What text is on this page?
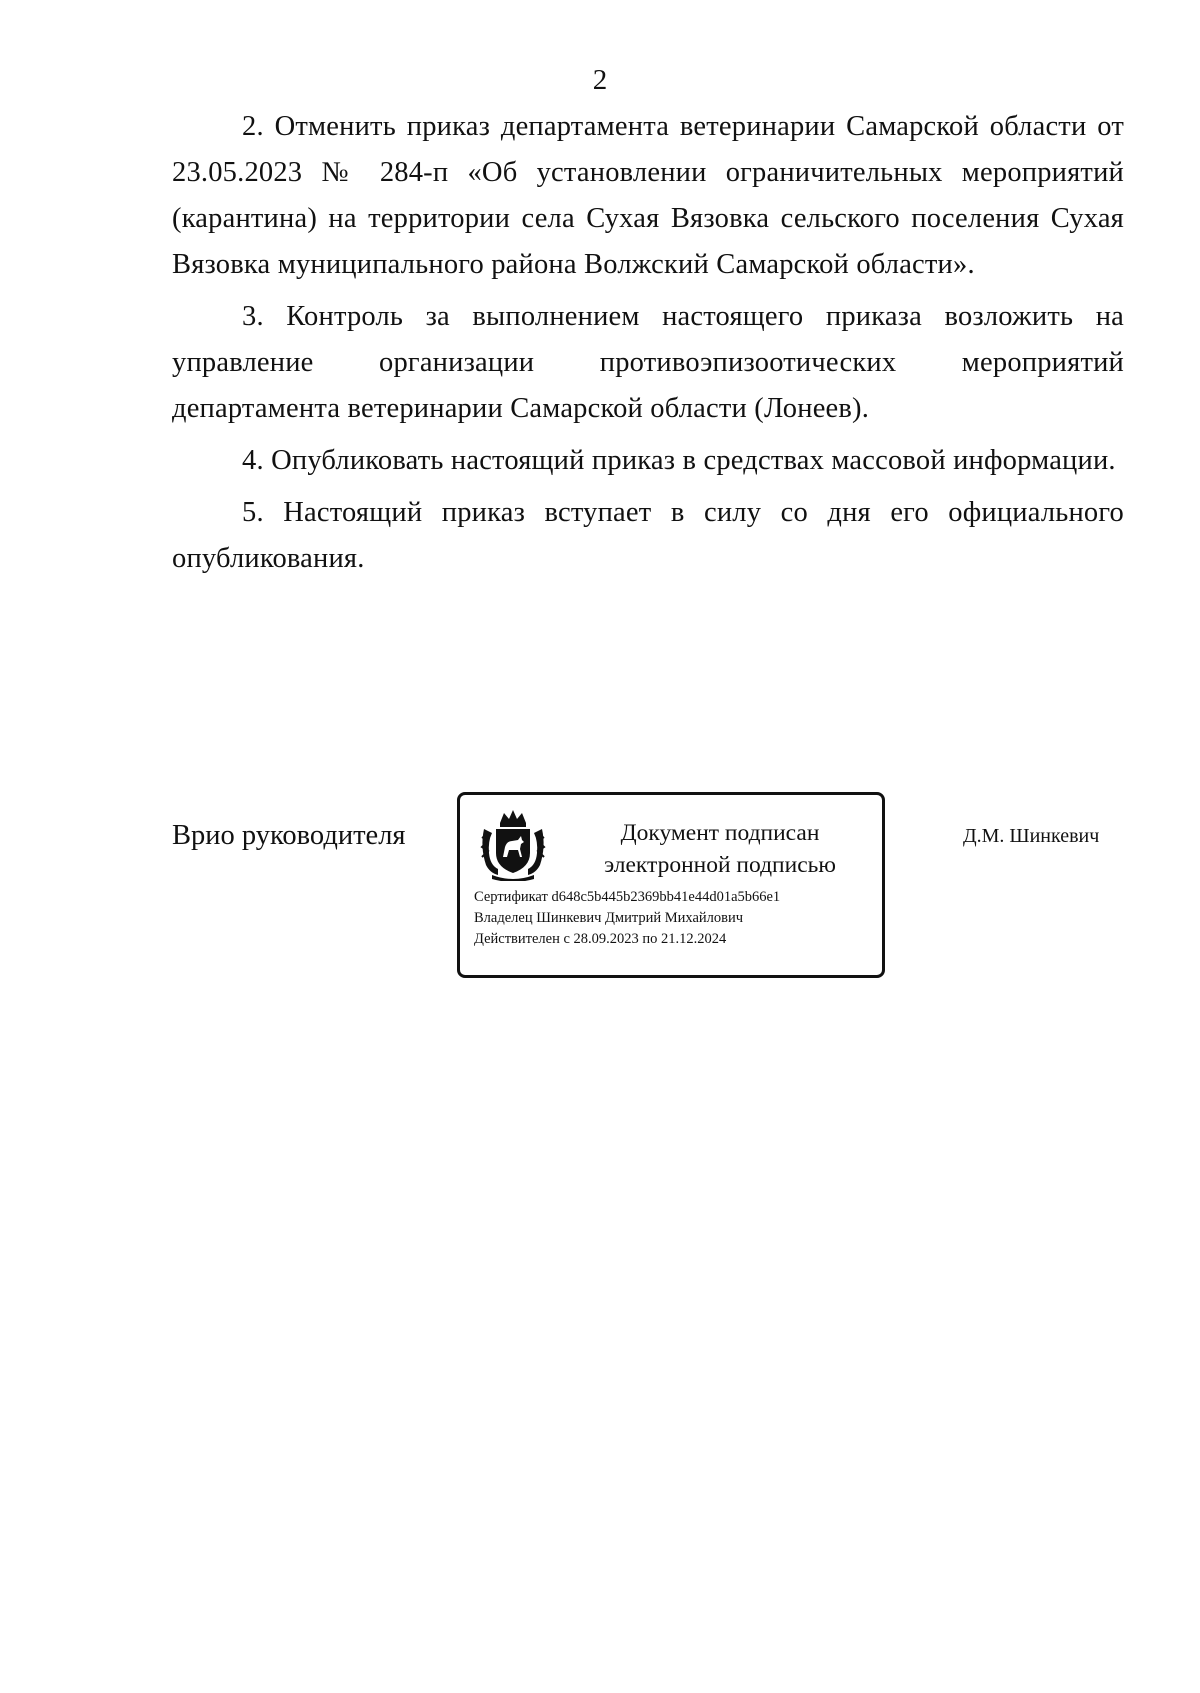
2

2. Отменить приказ департамента ветеринарии Самарской области от 23.05.2023 № 284-п «Об установлении ограничительных мероприятий (карантина) на территории села Сухая Вязовка сельского поселения Сухая Вязовка муниципального района Волжский Самарской области».

3. Контроль за выполнением настоящего приказа возложить на управление организации противоэпизоотических мероприятий департамента ветеринарии Самарской области (Лонеев).

4. Опубликовать настоящий приказ в средствах массовой информации.

5. Настоящий приказ вступает в силу со дня его официального опубликования.

Врио руководителя	Документ подписан
электронной подписью
Сертификат d648c5b445b2369bb41e44d01a5b66e1
Владелец Шинкевич Дмитрий Михайлович
Действителен с 28.09.2023 по 21.12.2024
Д.М. Шинкевич
